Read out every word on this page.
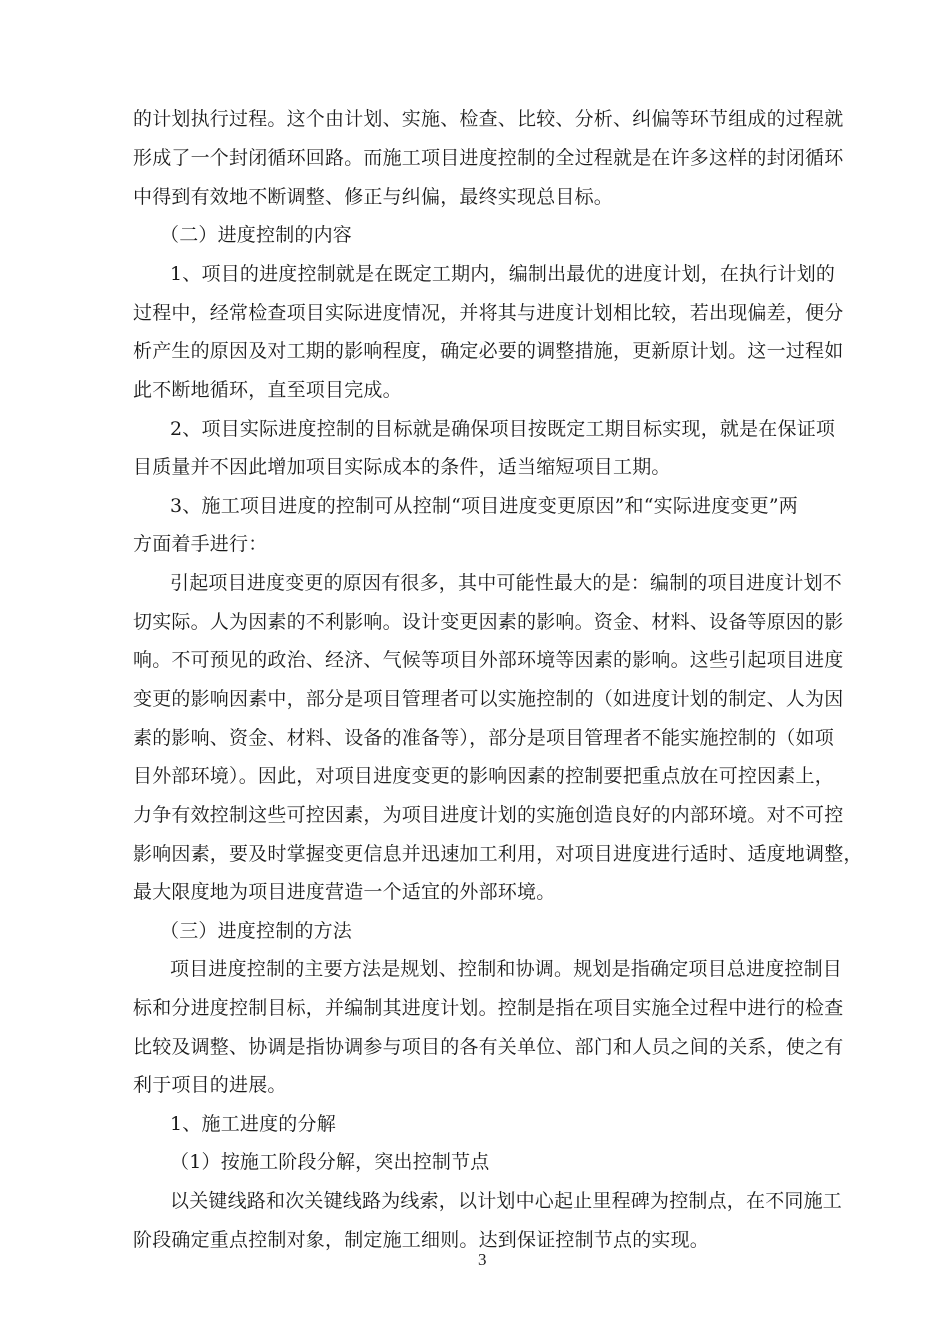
的计划执行过程。这个由计划、实施、检查、比较、分析、纠偏等环节组成的过程就
形成了一个封闭循环回路。而施工项目进度控制的全过程就是在许多这样的封闭循环
中得到有效地不断调整、修正与纠偏，最终实现总目标。
（二）进度控制的内容
1、项目的进度控制就是在既定工期内，编制出最优的进度计划，在执行计划的
过程中，经常检查项目实际进度情况，并将其与进度计划相比较，若出现偏差，便分
析产生的原因及对工期的影响程度，确定必要的调整措施，更新原计划。这一过程如
此不断地循环，直至项目完成。
2、项目实际进度控制的目标就是确保项目按既定工期目标实现，就是在保证项
目质量并不因此增加项目实际成本的条件，适当缩短项目工期。
3、施工项目进度的控制可从控制“项目进度变更原因”和“实际进度变更”两
方面着手进行：
引起项目进度变更的原因有很多，其中可能性最大的是：编制的项目进度计划不
切实际。人为因素的不利影响。设计变更因素的影响。资金、材料、设备等原因的影
响。不可预见的政治、经济、气候等项目外部环境等因素的影响。这些引起项目进度
变更的影响因素中，部分是项目管理者可以实施控制的（如进度计划的制定、人为因
素的影响、资金、材料、设备的准备等），部分是项目管理者不能实施控制的（如项
目外部环境）。因此，对项目进度变更的影响因素的控制要把重点放在可控因素上，
力争有效控制这些可控因素，为项目进度计划的实施创造良好的内部环境。对不可控
影响因素，要及时掌握变更信息并迅速加工利用，对项目进度进行适时、适度地调整，
最大限度地为项目进度营造一个适宜的外部环境。
（三）进度控制的方法
项目进度控制的主要方法是规划、控制和协调。规划是指确定项目总进度控制目
标和分进度控制目标，并编制其进度计划。控制是指在项目实施全过程中进行的检查
比较及调整、协调是指协调参与项目的各有关单位、部门和人员之间的关系，使之有
利于项目的进展。
1、施工进度的分解
（1）按施工阶段分解，突出控制节点
以关键线路和次关键线路为线索，以计划中心起止里程碑为控制点，在不同施工
阶段确定重点控制对象，制定施工细则。达到保证控制节点的实现。
3
